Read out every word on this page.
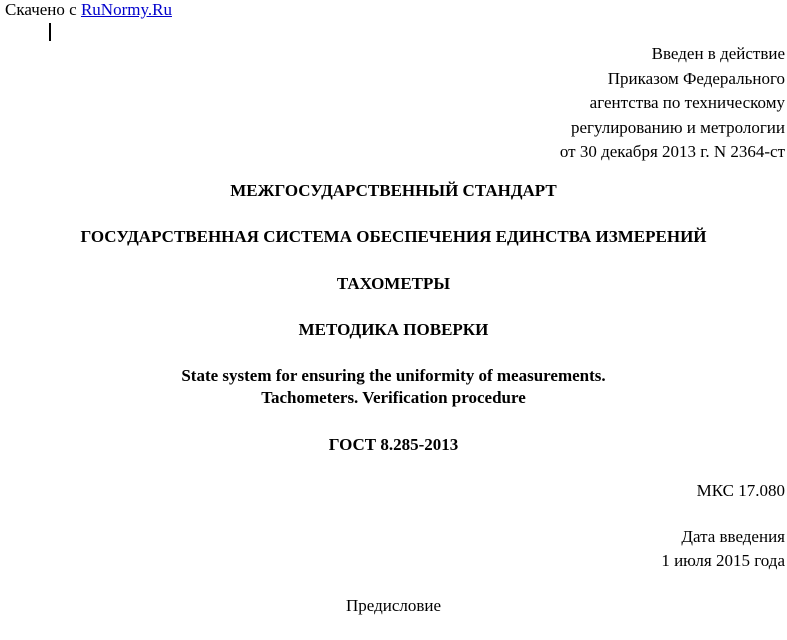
Скачено с RuNormy.Ru
Введен в действие
Приказом Федерального
агентства по техническому
регулированию и метрологии
от 30 декабря 2013 г. N 2364-ст
МЕЖГОСУДАРСТВЕННЫЙ СТАНДАРТ
ГОСУДАРСТВЕННАЯ СИСТЕМА ОБЕСПЕЧЕНИЯ ЕДИНСТВА ИЗМЕРЕНИЙ
ТАХОМЕТРЫ
МЕТОДИКА ПОВЕРКИ
State system for ensuring the uniformity of measurements.
Tachometers. Verification procedure
ГОСТ 8.285-2013
МКС 17.080
Дата введения
1 июля 2015 года
Предисловие
